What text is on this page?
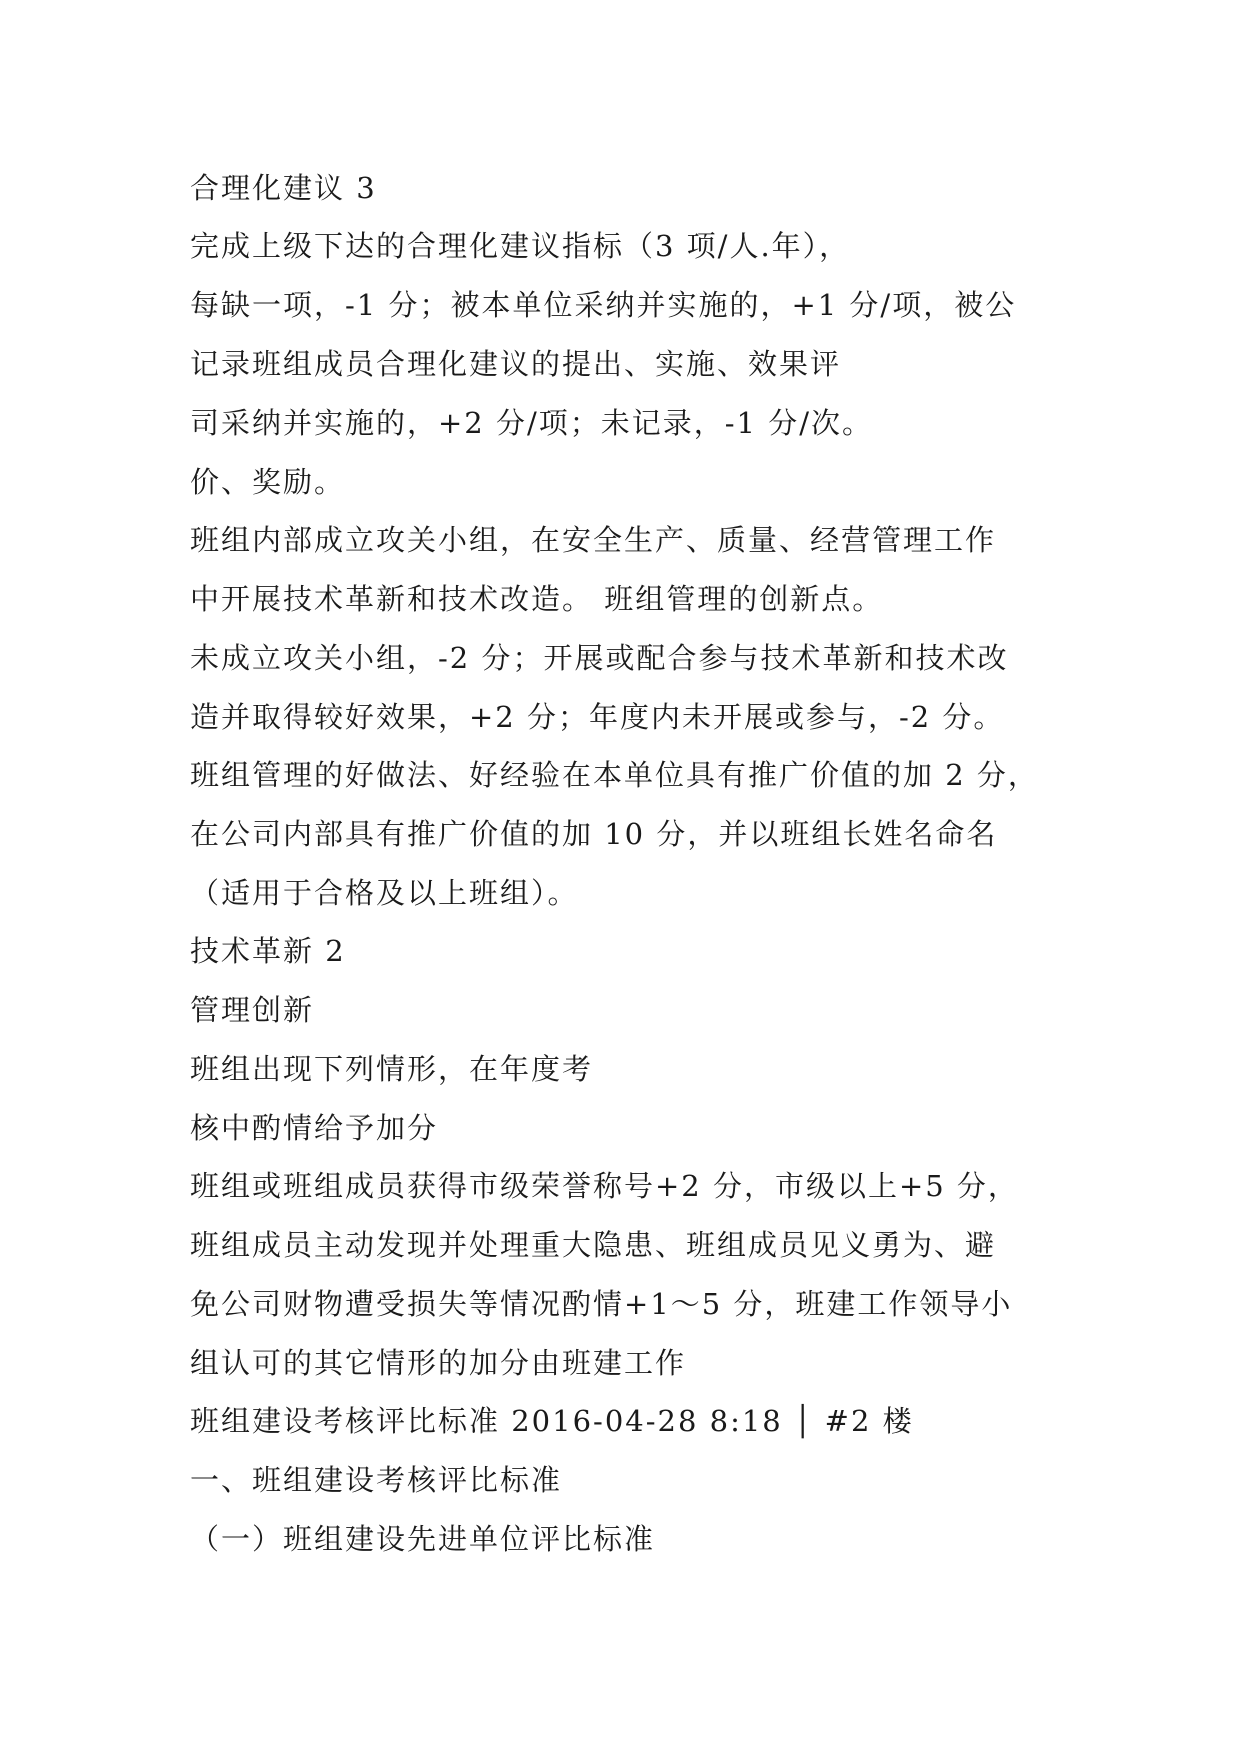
合理化建议 3
完成上级下达的合理化建议指标（3 项/人.年），
每缺一项，-1 分；被本单位采纳并实施的，+1 分/项，被公
记录班组成员合理化建议的提出、实施、效果评
司采纳并实施的，+2 分/项；未记录，-1 分/次。
价、奖励。
班组内部成立攻关小组，在安全生产、质量、经营管理工作
中开展技术革新和技术改造。 班组管理的创新点。
未成立攻关小组，-2 分；开展或配合参与技术革新和技术改
造并取得较好效果，+2 分；年度内未开展或参与，-2 分。
班组管理的好做法、好经验在本单位具有推广价值的加 2 分，
在公司内部具有推广价值的加 10 分，并以班组长姓名命名
（适用于合格及以上班组）。
技术革新 2
管理创新
班组出现下列情形，在年度考
核中酌情给予加分
班组或班组成员获得市级荣誉称号+2 分，市级以上+5 分，
班组成员主动发现并处理重大隐患、班组成员见义勇为、避
免公司财物遭受损失等情况酌情+1～5 分，班建工作领导小
组认可的其它情形的加分由班建工作
班组建设考核评比标准 2016-04-28 8:18 │ #2 楼
一、班组建设考核评比标准
（一）班组建设先进单位评比标准
